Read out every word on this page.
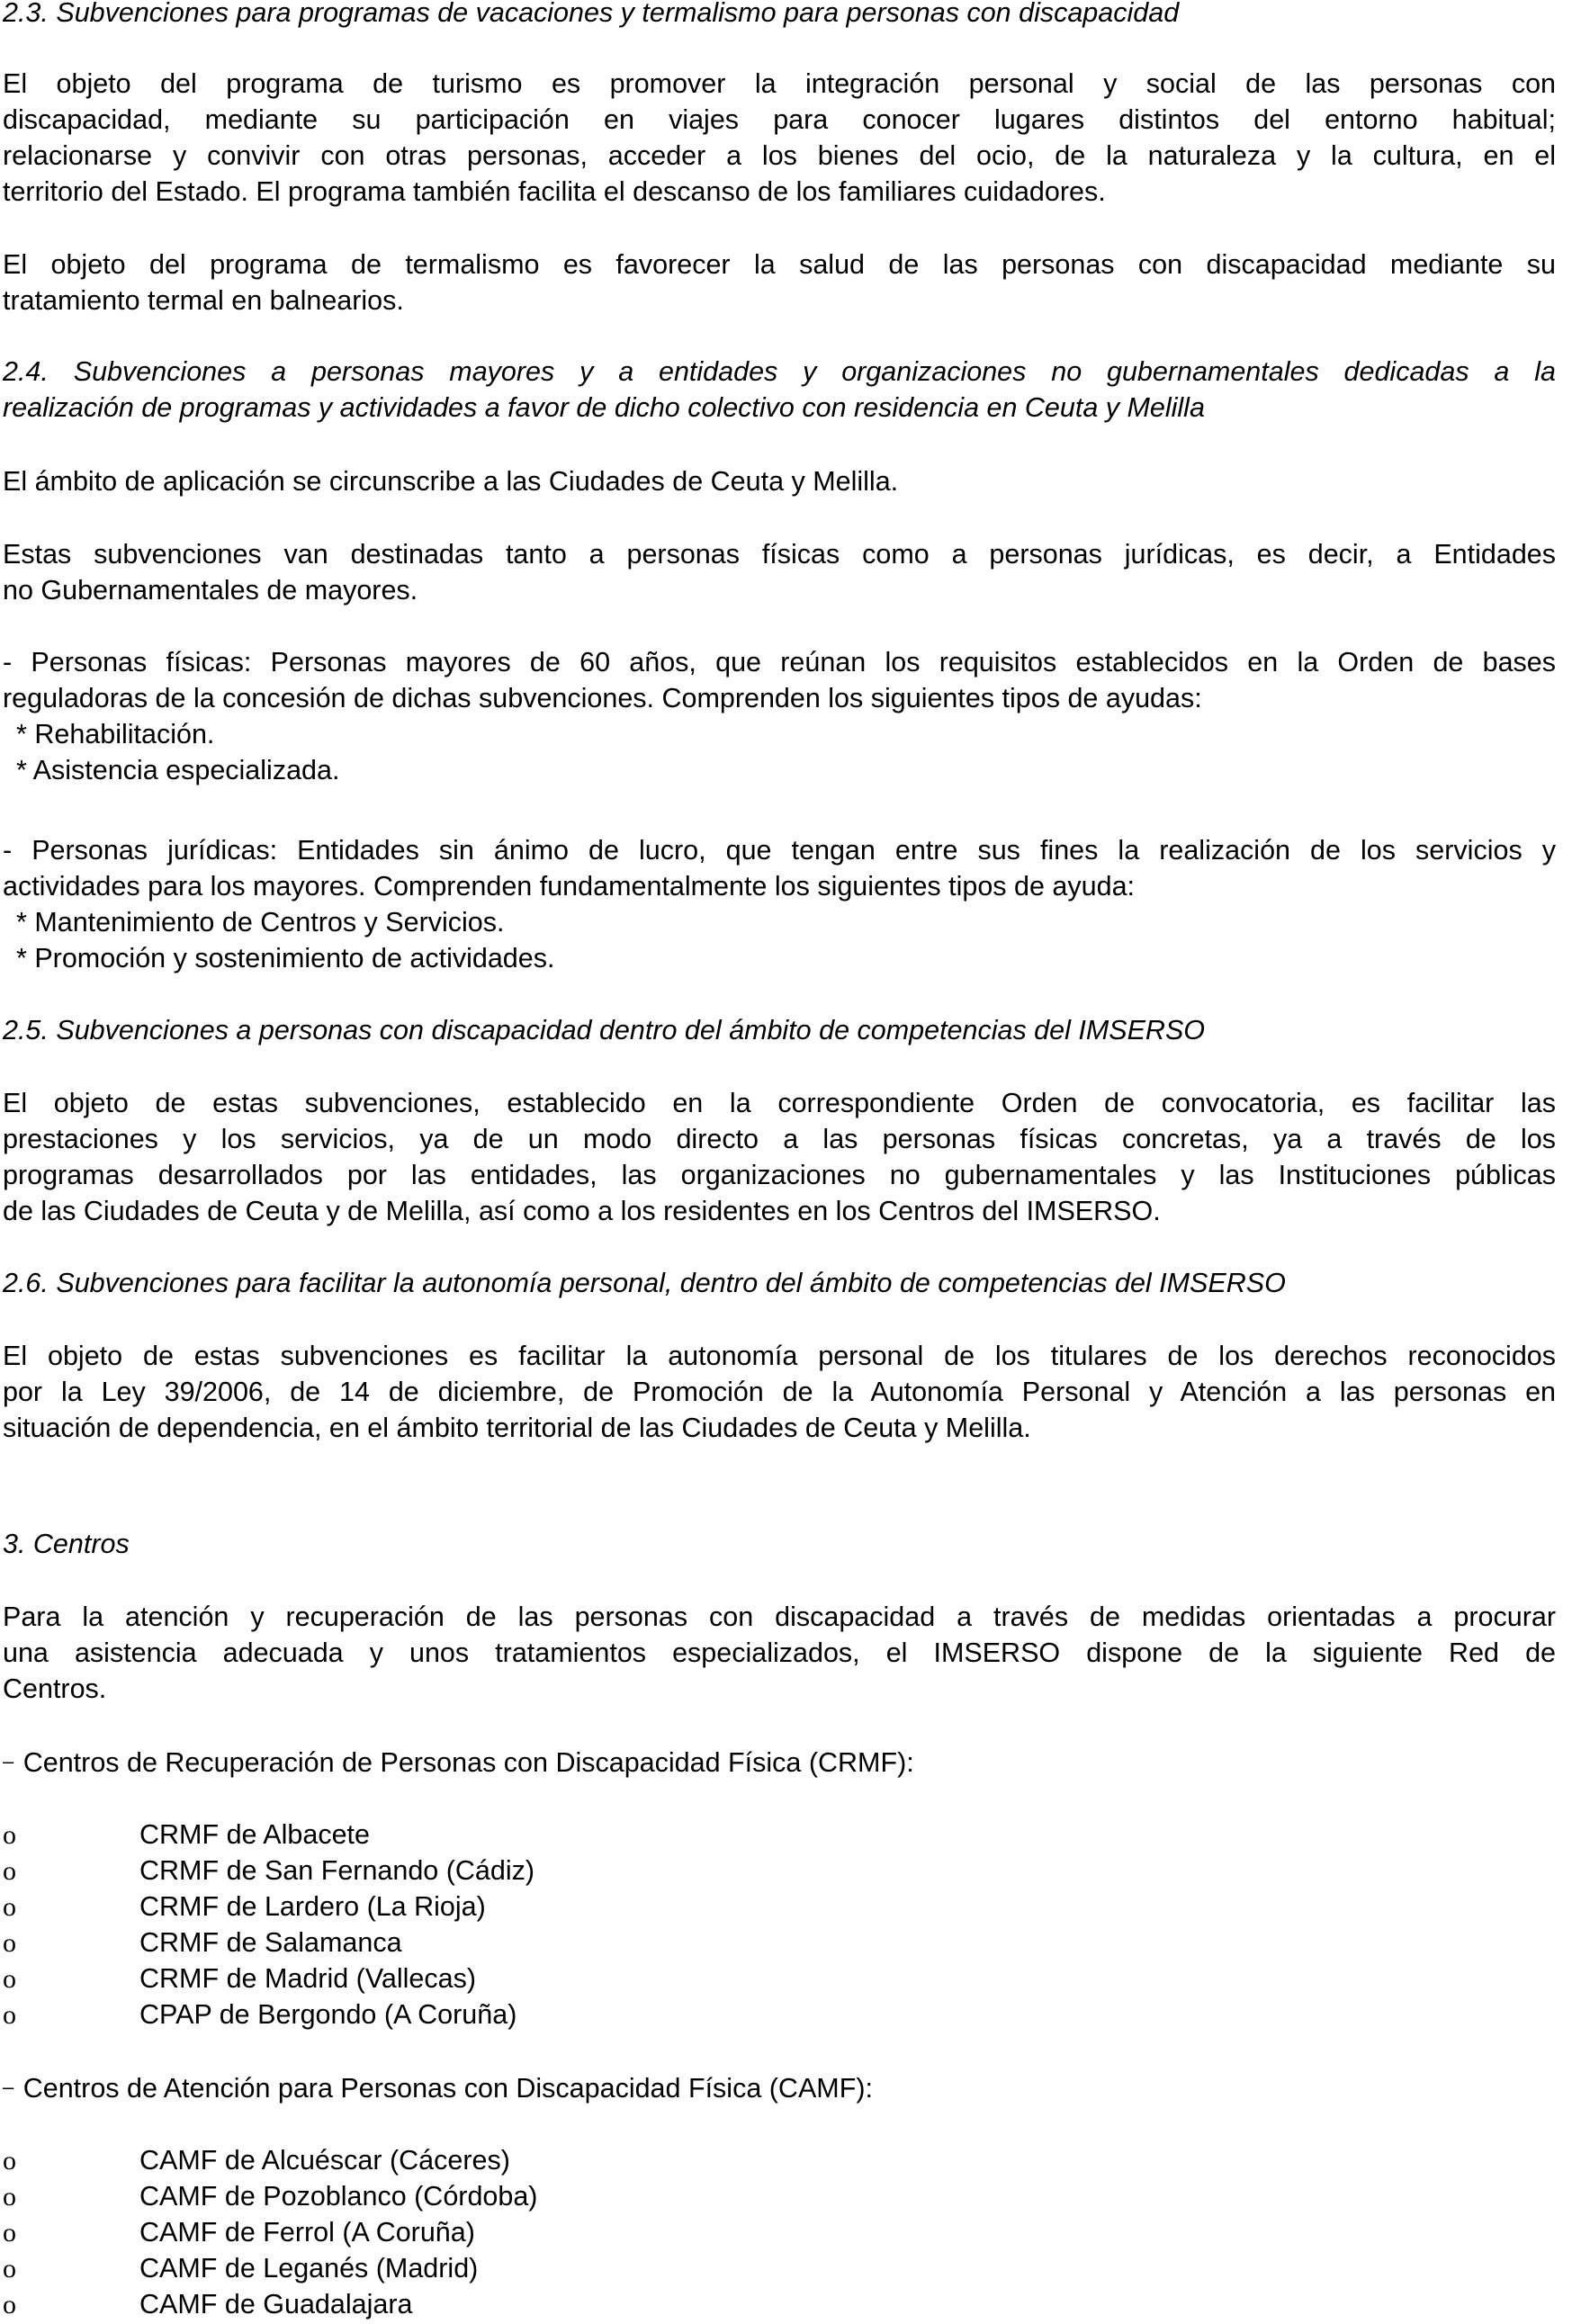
2.3. Subvenciones para programas de vacaciones y termalismo para personas con discapacidad
El objeto del programa de turismo es promover la integración personal y social de las personas con
discapacidad, mediante su participación en viajes para conocer lugares distintos del entorno habitual;
relacionarse y convivir con otras personas, acceder a los bienes del ocio, de la naturaleza y la cultura, en el
territorio del Estado. El programa también facilita el descanso de los familiares cuidadores.
El objeto del programa de termalismo es favorecer la salud de las personas con discapacidad mediante su
tratamiento termal en balnearios.
2.4. Subvenciones a personas mayores y a entidades y organizaciones no gubernamentales dedicadas a la
realización de programas y actividades a favor de dicho colectivo con residencia en Ceuta y Melilla
El ámbito de aplicación se circunscribe a las Ciudades de Ceuta y Melilla.
Estas subvenciones van destinadas tanto a personas físicas como a personas jurídicas, es decir, a Entidades
no Gubernamentales de mayores.
- Personas físicas: Personas mayores de 60 años, que reúnan los requisitos establecidos en la Orden de bases
reguladoras de la concesión de dichas subvenciones. Comprenden los siguientes tipos de ayudas:
* Rehabilitación.
* Asistencia especializada.
- Personas jurídicas: Entidades sin ánimo de lucro, que tengan entre sus fines la realización de los servicios y
actividades para los mayores. Comprenden fundamentalmente los siguientes tipos de ayuda:
* Mantenimiento de Centros y Servicios.
* Promoción y sostenimiento de actividades.
2.5. Subvenciones a personas con discapacidad dentro del ámbito de competencias del IMSERSO
El objeto de estas subvenciones, establecido en la correspondiente Orden de convocatoria, es facilitar las
prestaciones y los servicios, ya de un modo directo a las personas físicas concretas, ya a través de los
programas desarrollados por las entidades, las organizaciones no gubernamentales y las Instituciones públicas
de las Ciudades de Ceuta y de Melilla, así como a los residentes en los Centros del IMSERSO.
2.6. Subvenciones para facilitar la autonomía personal, dentro del ámbito de competencias del IMSERSO
El objeto de estas subvenciones es facilitar la autonomía personal de los titulares de los derechos reconocidos
por la Ley 39/2006, de 14 de diciembre, de Promoción de la Autonomía Personal y Atención a las personas en
situación de dependencia, en el ámbito territorial de las Ciudades de Ceuta y Melilla.
3. Centros
Para la atención y recuperación de las personas con discapacidad a través de medidas orientadas a procurar
una asistencia adecuada y unos tratamientos especializados, el IMSERSO dispone de la siguiente Red de
Centros.
– Centros de Recuperación de Personas con Discapacidad Física (CRMF):
o	CRMF de Albacete
o	CRMF de San Fernando (Cádiz)
o	CRMF de Lardero (La Rioja)
o	CRMF de Salamanca
o	CRMF de Madrid (Vallecas)
o	CPAP de Bergondo (A Coruña)
– Centros de Atención para Personas con Discapacidad Física (CAMF):
o	CAMF de Alcuéscar (Cáceres)
o	CAMF de Pozoblanco (Córdoba)
o	CAMF de Ferrol (A Coruña)
o	CAMF de Leganés (Madrid)
o	CAMF de Guadalajara
